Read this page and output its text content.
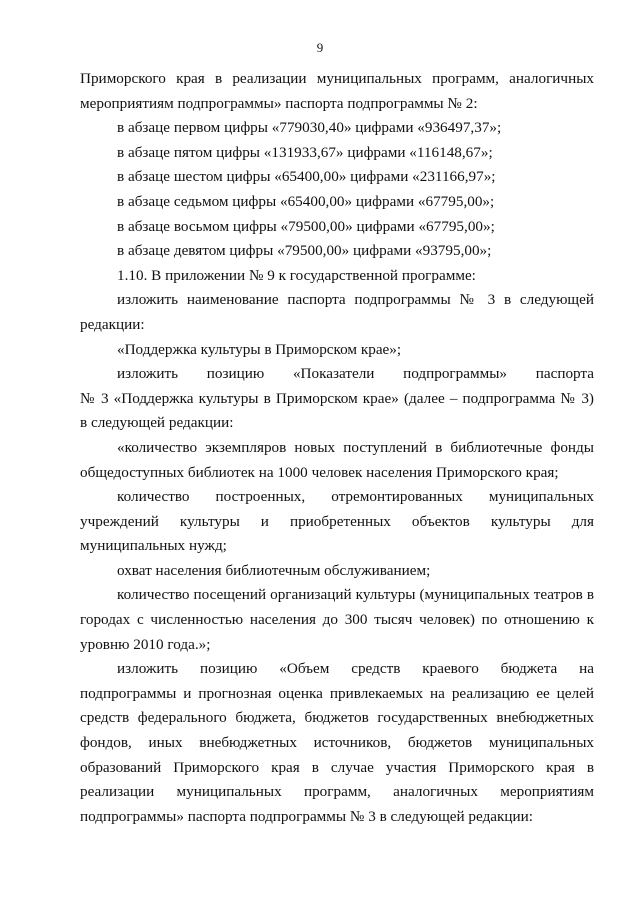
9
Приморского края в реализации муниципальных программ, аналогичных
мероприятиям подпрограммы» паспорта подпрограммы № 2:
в абзаце первом цифры «779030,40» цифрами «936497,37»;
в абзаце пятом цифры «131933,67» цифрами «116148,67»;
в абзаце шестом цифры «65400,00» цифрами «231166,97»;
в абзаце седьмом цифры «65400,00» цифрами «67795,00»;
в абзаце восьмом цифры «79500,00» цифрами «67795,00»;
в абзаце девятом цифры «79500,00» цифрами «93795,00»;
1.10. В приложении № 9 к государственной программе:
изложить наименование паспорта подпрограммы № 3 в следующей
редакции:
«Поддержка культуры в Приморском крае»;
изложить позицию «Показатели подпрограммы» паспорта
№ 3 «Поддержка культуры в Приморском крае» (далее – подпрограмма № 3)
в следующей редакции:
«количество экземпляров новых поступлений в библиотечные фонды
общедоступных библиотек на 1000 человек населения Приморского края;
количество построенных, отремонтированных муниципальных
учреждений культуры и приобретенных объектов культуры для
муниципальных нужд;
охват населения библиотечным обслуживанием;
количество посещений организаций культуры (муниципальных театров в
городах с численностью населения до 300 тысяч человек) по отношению к
уровню 2010 года.»;
изложить позицию «Объем средств краевого бюджета на
подпрограммы и прогнозная оценка привлекаемых на реализацию ее целей
средств федерального бюджета, бюджетов государственных внебюджетных
фондов, иных внебюджетных источников, бюджетов муниципальных
образований Приморского края в случае участия Приморского края в
реализации муниципальных программ, аналогичных мероприятиям
подпрограммы» паспорта подпрограммы № 3 в следующей редакции:
